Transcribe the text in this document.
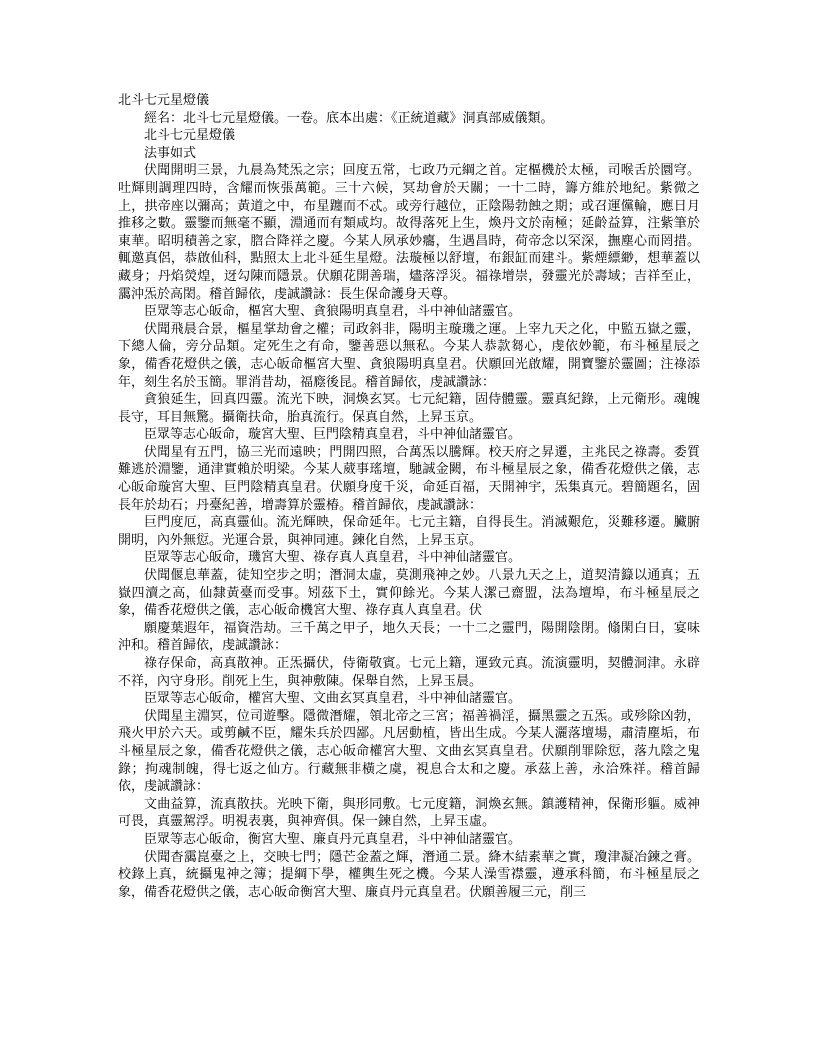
北斗七元星燈儀
經名：北斗七元星燈儀。一卷。底本出處：《正統道藏》洞真部威儀類。
北斗七元星燈儀
法事如式

伏聞開明三景，九晨為梵炁之宗；回度五常，七政乃元綱之首。定樞機於太極，司喉舌於圜穹。吐輝則調理四時，含耀而恢張萬範。三十六候，冥劫會於天關；一十二時，籌方維於地紀。紫微之上，拱帝座以彌高；黃道之中，布星躔而不忒。或旁行越位，正陰陽勃蝕之期；或召運儻輪，應日月推移之數。靈鑒而無毫不顯，淵通而有類咸均。故得落死上生，煥丹文於南極；延齡益算，注紫筆於東華。昭明積善之家，脗合降祥之慶。今某人夙承妙癟，生遇昌時，荷帝念以罙深，撫塵心而罔措。輒邀真侶，恭啟仙科，點照太上北斗延生星燈。法璇極以舒壇，布銀缸而建斗。紫煙縹緲，想華蓋以藏身；丹焰熒煌，迓勾陳而隱景。伏願花開善瑞，燼落浮災。福祿增崇，發靈光於壽域；吉祥至止，靄沖炁於高閎。稽首歸依，虔誠讚詠：長生保命護身天尊。

臣眾等志心皈命，樞宮大聖、貪狼陽明真皇君，斗中神仙諸靈官。

伏聞飛晨合景，樞星掌劫會之權；司政斜非，陽明主璇璣之運。上宰九天之化，中監五嶽之靈，下總人倫，旁分品類。定死生之有命，鑒善惡以無私。今某人恭款芻心，虔依妙範，布斗極星辰之象，備香花燈供之儀，志心皈命樞宮大聖、貪狼陽明真皇君。伏願回光啟耀，開寶鑒於靈圖；注祿添年，刻生名於玉簡。罪消昔劫，福廕後昆。稽首歸依，虔誠讚詠：

貪狼延生，回真四靈。流光下映，洞煥玄冥。七元紀籍，固侍體靈。靈真紀錄，上元衛形。魂魄長守，耳目無驚。攝衛扶命，胎真流行。保真自然，上昇玉京。

臣眾等志心皈命，璇宮大聖、巨門陰精真皇君，斗中神仙諸靈官。

伏聞星有五門，協三光而遠映；門開四照，合萬炁以騰輝。校天府之昇遷，主兆民之祿壽。委質難逃於淵鑒，通津實賴於明梁。今某人葳事瑤壇，馳誠金闕，布斗極星辰之象，備香花燈供之儀，志心皈命璇宮大聖、巨門陰精真皇君。伏願身度千災，命延百福，天開神宇，炁集真元。碧簡題名，固長年於劫石；丹臺紀善，增壽算於靈椿。稽首歸依，虔誠讚詠：

巨門度厄，高真靈仙。流光輝映，保命延年。七元主籍，自得長生。消滅艱危，災難移遷。臟腑開明，內外無愆。光運合景，與神同連。鍊化自然，上昇玉京。

臣眾等志心皈命，璣宮大聖、祿存真人真皇君，斗中神仙諸靈官。

伏聞偃息華蓋，徒知空步之明；潛洞太虛，莫測飛神之妙。八景九天之上，道契清籙以通真；五嶽四瀆之高，仙隸黃臺而受事。矧茲下土，實仰餘光。今某人潔己齋盟，法為壇埠，布斗極星辰之象，備香花燈供之儀，志心皈命機宮大聖、祿存真人真皇君。伏

願慶葉遐年，福資浩劫。三千萬之甲子，地久天長；一十二之靈門，陽開陰閉。翛閑白日，宴味沖和。稽首歸依，虔誠讚詠：

祿存保命，高真散神。正炁攝伏，侍衛敬賓。七元上籍，運致元真。流演靈明，契體洞津。永辟不祥，內守身形。削死上生，與神敷陳。保舉自然，上昇玉晨。

臣眾等志心皈命，權宮大聖、文曲玄冥真皇君，斗中神仙諸靈官。

伏聞星主淵冥，位司遊擊。隱微潛耀，領北帝之三宮；福善禍淫，攝黑靈之五炁。或殄除凶勃，飛火甲於六天。或剪鹹不臣，耀朱兵於四鄙。凡居動植，皆出生成。今某人灑落壇場，肅清塵垢，布斗極星辰之象，備香花燈供之儀，志心皈命權宮大聖、文曲玄冥真皇君。伏願削罪除愆，落九陰之鬼錄；拘魂制魄，得七返之仙方。行藏無非橫之虞，視息合太和之慶。承茲上善，永洽殊祥。稽首歸依，虔誠讚詠：

文曲益算，流真散扶。光映下衛，與形同敷。七元度籍，洞煥玄無。鎮護精神，保衛形軀。威神可畏，真靈駕浮。明視表裏，與神齊俱。保一鍊自然，上昇玉虛。

臣眾等志心皈命，衡宮大聖、廉貞丹元真皇君，斗中神仙諸靈官。

伏聞杳靄崑臺之上，交映七門；隱芒金蓋之輝，潛通二景。絳木結素華之實，瓊津凝冶鍊之膏。校錄上真，統攝鬼神之簿；提綱下學，權輿生死之機。今某人澡雪襟靈，遵承科簡，布斗極星辰之象，備香花燈供之儀，志心皈命衡宮大聖、廉貞丹元真皇君。伏願善履三元，削三
